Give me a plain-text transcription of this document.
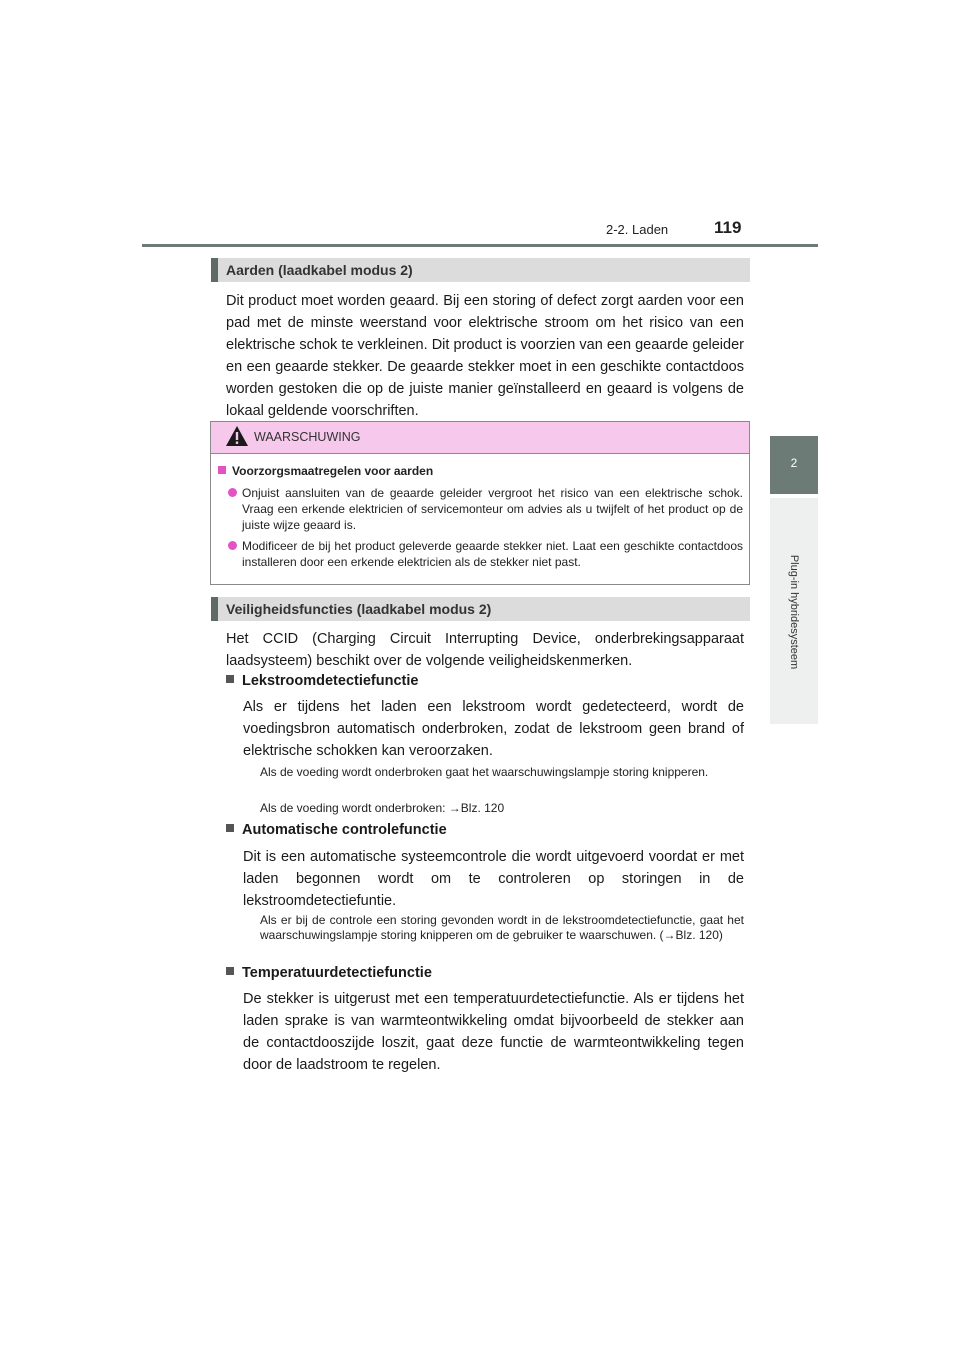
2-2. Laden	119
2
Plug-in hybridesysteem
Aarden (laadkabel modus 2)

Dit product moet worden geaard. Bij een storing of defect zorgt aarden voor een pad met de minste weerstand voor elektrische stroom om het risico van een elektrische schok te verkleinen. Dit product is voorzien van een geaarde geleider en een geaarde stekker. De geaarde stekker moet in een geschikte contactdoos worden gestoken die op de juiste manier geïnstalleerd en geaard is volgens de lokaal geldende voorschriften.

WAARSCHUWING
Voorzorgsmaatregelen voor aarden
Onjuist aansluiten van de geaarde geleider vergroot het risico van een elektrische schok. Vraag een erkende elektricien of servicemonteur om advies als u twijfelt of het product op de juiste wijze geaard is.
Modificeer de bij het product geleverde geaarde stekker niet. Laat een geschikte contactdoos installeren door een erkende elektricien als de stekker niet past.
Veiligheidsfuncties (laadkabel modus 2)

Het CCID (Charging Circuit Interrupting Device, onderbrekingsapparaat laadsysteem) beschikt over de volgende veiligheidskenmerken.

Lekstroomdetectiefunctie

Als er tijdens het laden een lekstroom wordt gedetecteerd, wordt de voedingsbron automatisch onderbroken, zodat de lekstroom geen brand of elektrische schokken kan veroorzaken.

Als de voeding wordt onderbroken gaat het waarschuwingslampje storing knipperen.

Als de voeding wordt onderbroken: →Blz. 120

Automatische controlefunctie

Dit is een automatische systeemcontrole die wordt uitgevoerd voordat er met laden begonnen wordt om te controleren op storingen in de lekstroomdetectiefuntie.

Als er bij de controle een storing gevonden wordt in de lekstroomdetectiefunctie, gaat het waarschuwingslampje storing knipperen om de gebruiker te waarschuwen. (→Blz. 120)

Temperatuurdetectiefunctie

De stekker is uitgerust met een temperatuurdetectiefunctie. Als er tijdens het laden sprake is van warmteontwikkeling omdat bijvoorbeeld de stekker aan de contactdooszijde loszit, gaat deze functie de warmteontwikkeling tegen door de laadstroom te regelen.
